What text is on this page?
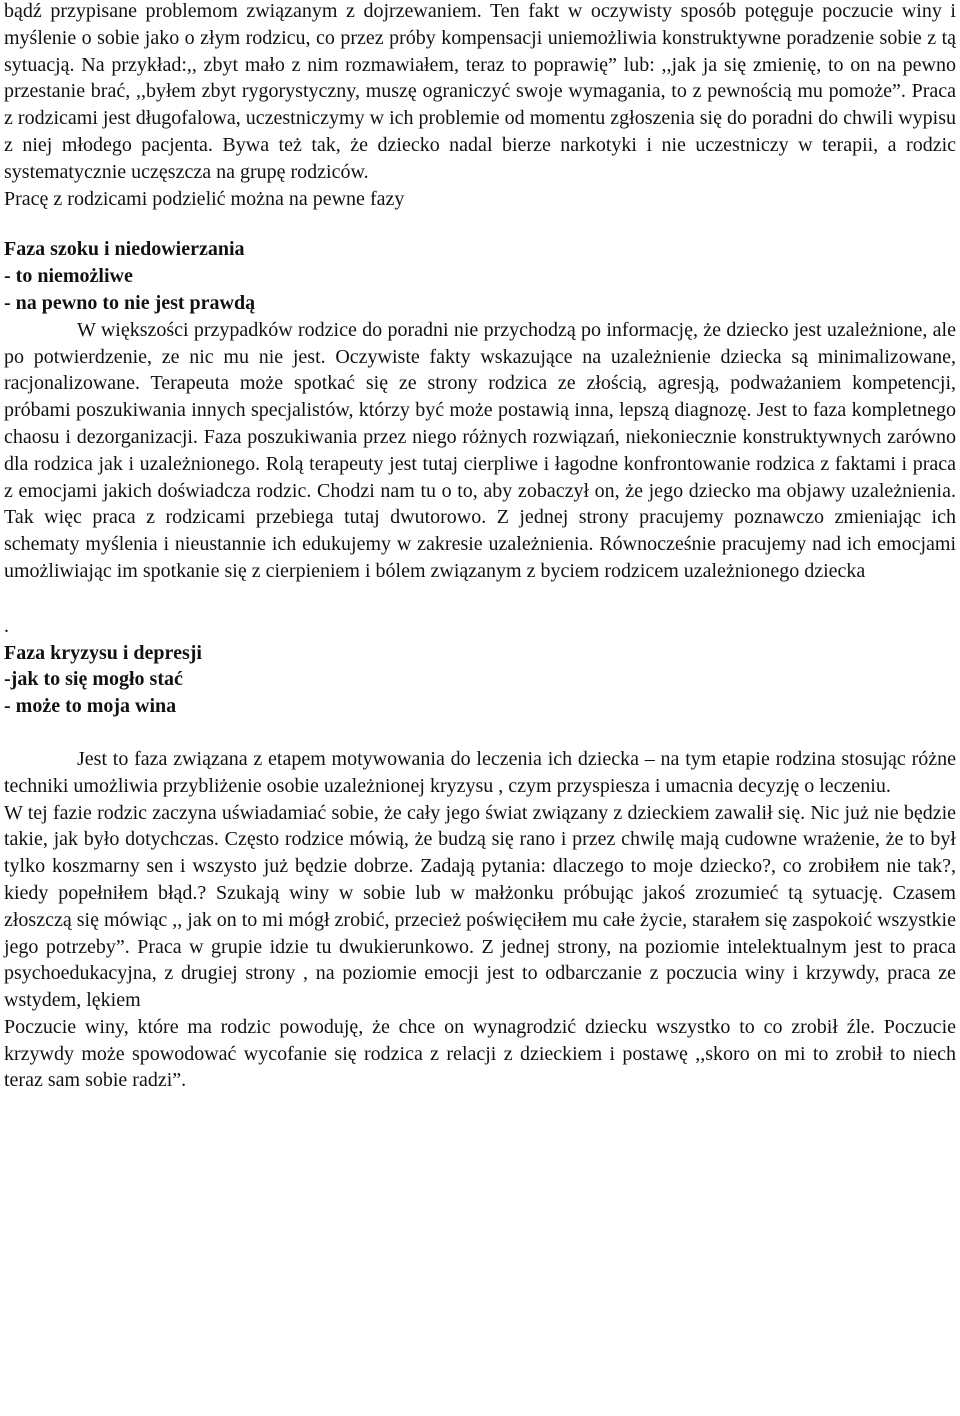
bądź przypisane problemom związanym z dojrzewaniem. Ten fakt w oczywisty sposób potęguje poczucie winy i myślenie o sobie jako o złym rodzicu, co przez próby kompensacji uniemożliwia konstruktywne poradzenie sobie z tą sytuacją. Na przykład:,, zbyt mało z nim rozmawiałem, teraz to poprawię” lub: ,,jak ja się zmienię, to on na pewno przestanie brać, ,,byłem zbyt rygorystyczny, muszę ograniczyć swoje wymagania, to z pewnością mu pomoże”. Praca z rodzicami jest długofalowa, uczestniczymy w ich problemie od momentu zgłoszenia się do poradni do chwili wypisu z niej młodego pacjenta. Bywa też tak, że dziecko nadal bierze narkotyki i nie uczestniczy w terapii, a rodzic systematycznie uczęszcza na grupę rodziców.

Pracę z rodzicami podzielić można na pewne fazy

Faza szoku i niedowierzania

- to niemożliwe

- na pewno to nie jest prawdą

W większości przypadków rodzice do poradni nie przychodzą po informację, że dziecko jest uzależnione, ale po potwierdzenie, ze nic mu nie jest. Oczywiste fakty wskazujące na uzależnienie dziecka są minimalizowane, racjonalizowane. Terapeuta może spotkać się ze strony rodzica ze złością, agresją, podważaniem kompetencji, próbami poszukiwania innych specjalistów, którzy być może postawią inna, lepszą diagnozę. Jest to faza kompletnego chaosu i dezorganizacji. Faza poszukiwania przez niego różnych rozwiązań, niekoniecznie konstruktywnych zarówno dla rodzica jak i uzależnionego. Rolą terapeuty jest tutaj cierpliwe i łagodne konfrontowanie rodzica z faktami i praca z emocjami jakich doświadcza rodzic. Chodzi nam tu o to, aby zobaczył on, że jego dziecko ma objawy uzależnienia. Tak więc praca z rodzicami przebiega tutaj dwutorowo. Z jednej strony pracujemy poznawczo zmieniając ich schematy myślenia i nieustannie ich edukujemy w zakresie uzależnienia. Równocześnie pracujemy nad ich emocjami umożliwiając im spotkanie się z cierpieniem i bólem związanym z byciem rodzicem uzależnionego dziecka

.

Faza kryzysu i depresji

-jak to się mogło stać

- może to moja wina

Jest to faza związana z etapem motywowania do leczenia ich dziecka – na tym etapie rodzina stosując różne techniki umożliwia przybliżenie osobie uzależnionej kryzysu , czym przyspiesza i umacnia decyzję o leczeniu.

W tej fazie rodzic zaczyna uświadamiać sobie, że cały jego świat związany z dzieckiem zawalił się. Nic już nie będzie takie, jak było dotychczas. Często rodzice mówią, że budzą się rano i przez chwilę mają cudowne wrażenie, że to był tylko koszmarny sen i wszysto już będzie dobrze. Zadają pytania: dlaczego to moje dziecko?, co zrobiłem nie tak?, kiedy popełniłem błąd.? Szukają winy w sobie lub w małżonku próbując jakoś zrozumieć tą sytuację. Czasem złoszczą się mówiąc ,, jak on to mi mógł zrobić, przecież poświęciłem mu całe życie, starałem się zaspokoić wszystkie jego potrzeby”. Praca w grupie idzie tu dwukierunkowo. Z jednej strony, na poziomie intelektualnym jest to praca psychoedukacyjna, z drugiej strony , na poziomie emocji jest to odbarczanie z poczucia winy i krzywdy, praca ze wstydem, lękiem

Poczucie winy, które ma rodzic powoduję, że chce on wynagrodzić dziecku wszystko to co zrobił źle. Poczucie krzywdy może spowodować wycofanie się rodzica z relacji z dzieckiem i postawę ,,skoro on mi to zrobił to niech teraz sam sobie radzi”.
